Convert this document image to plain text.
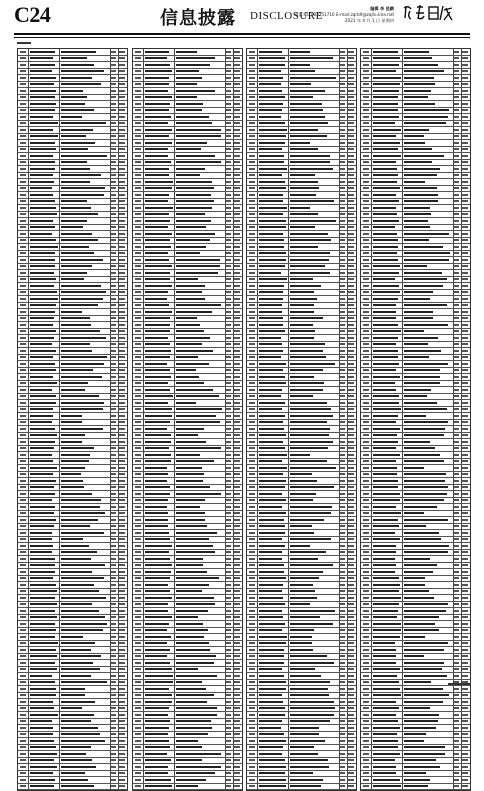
C24	信息披露 DISCLOSURE
编辑 李 昆鹏
电话:010-83251716 E-mail:zqrb9@zqrb.sina.net
2021 年 4 月 1 日 星期四
